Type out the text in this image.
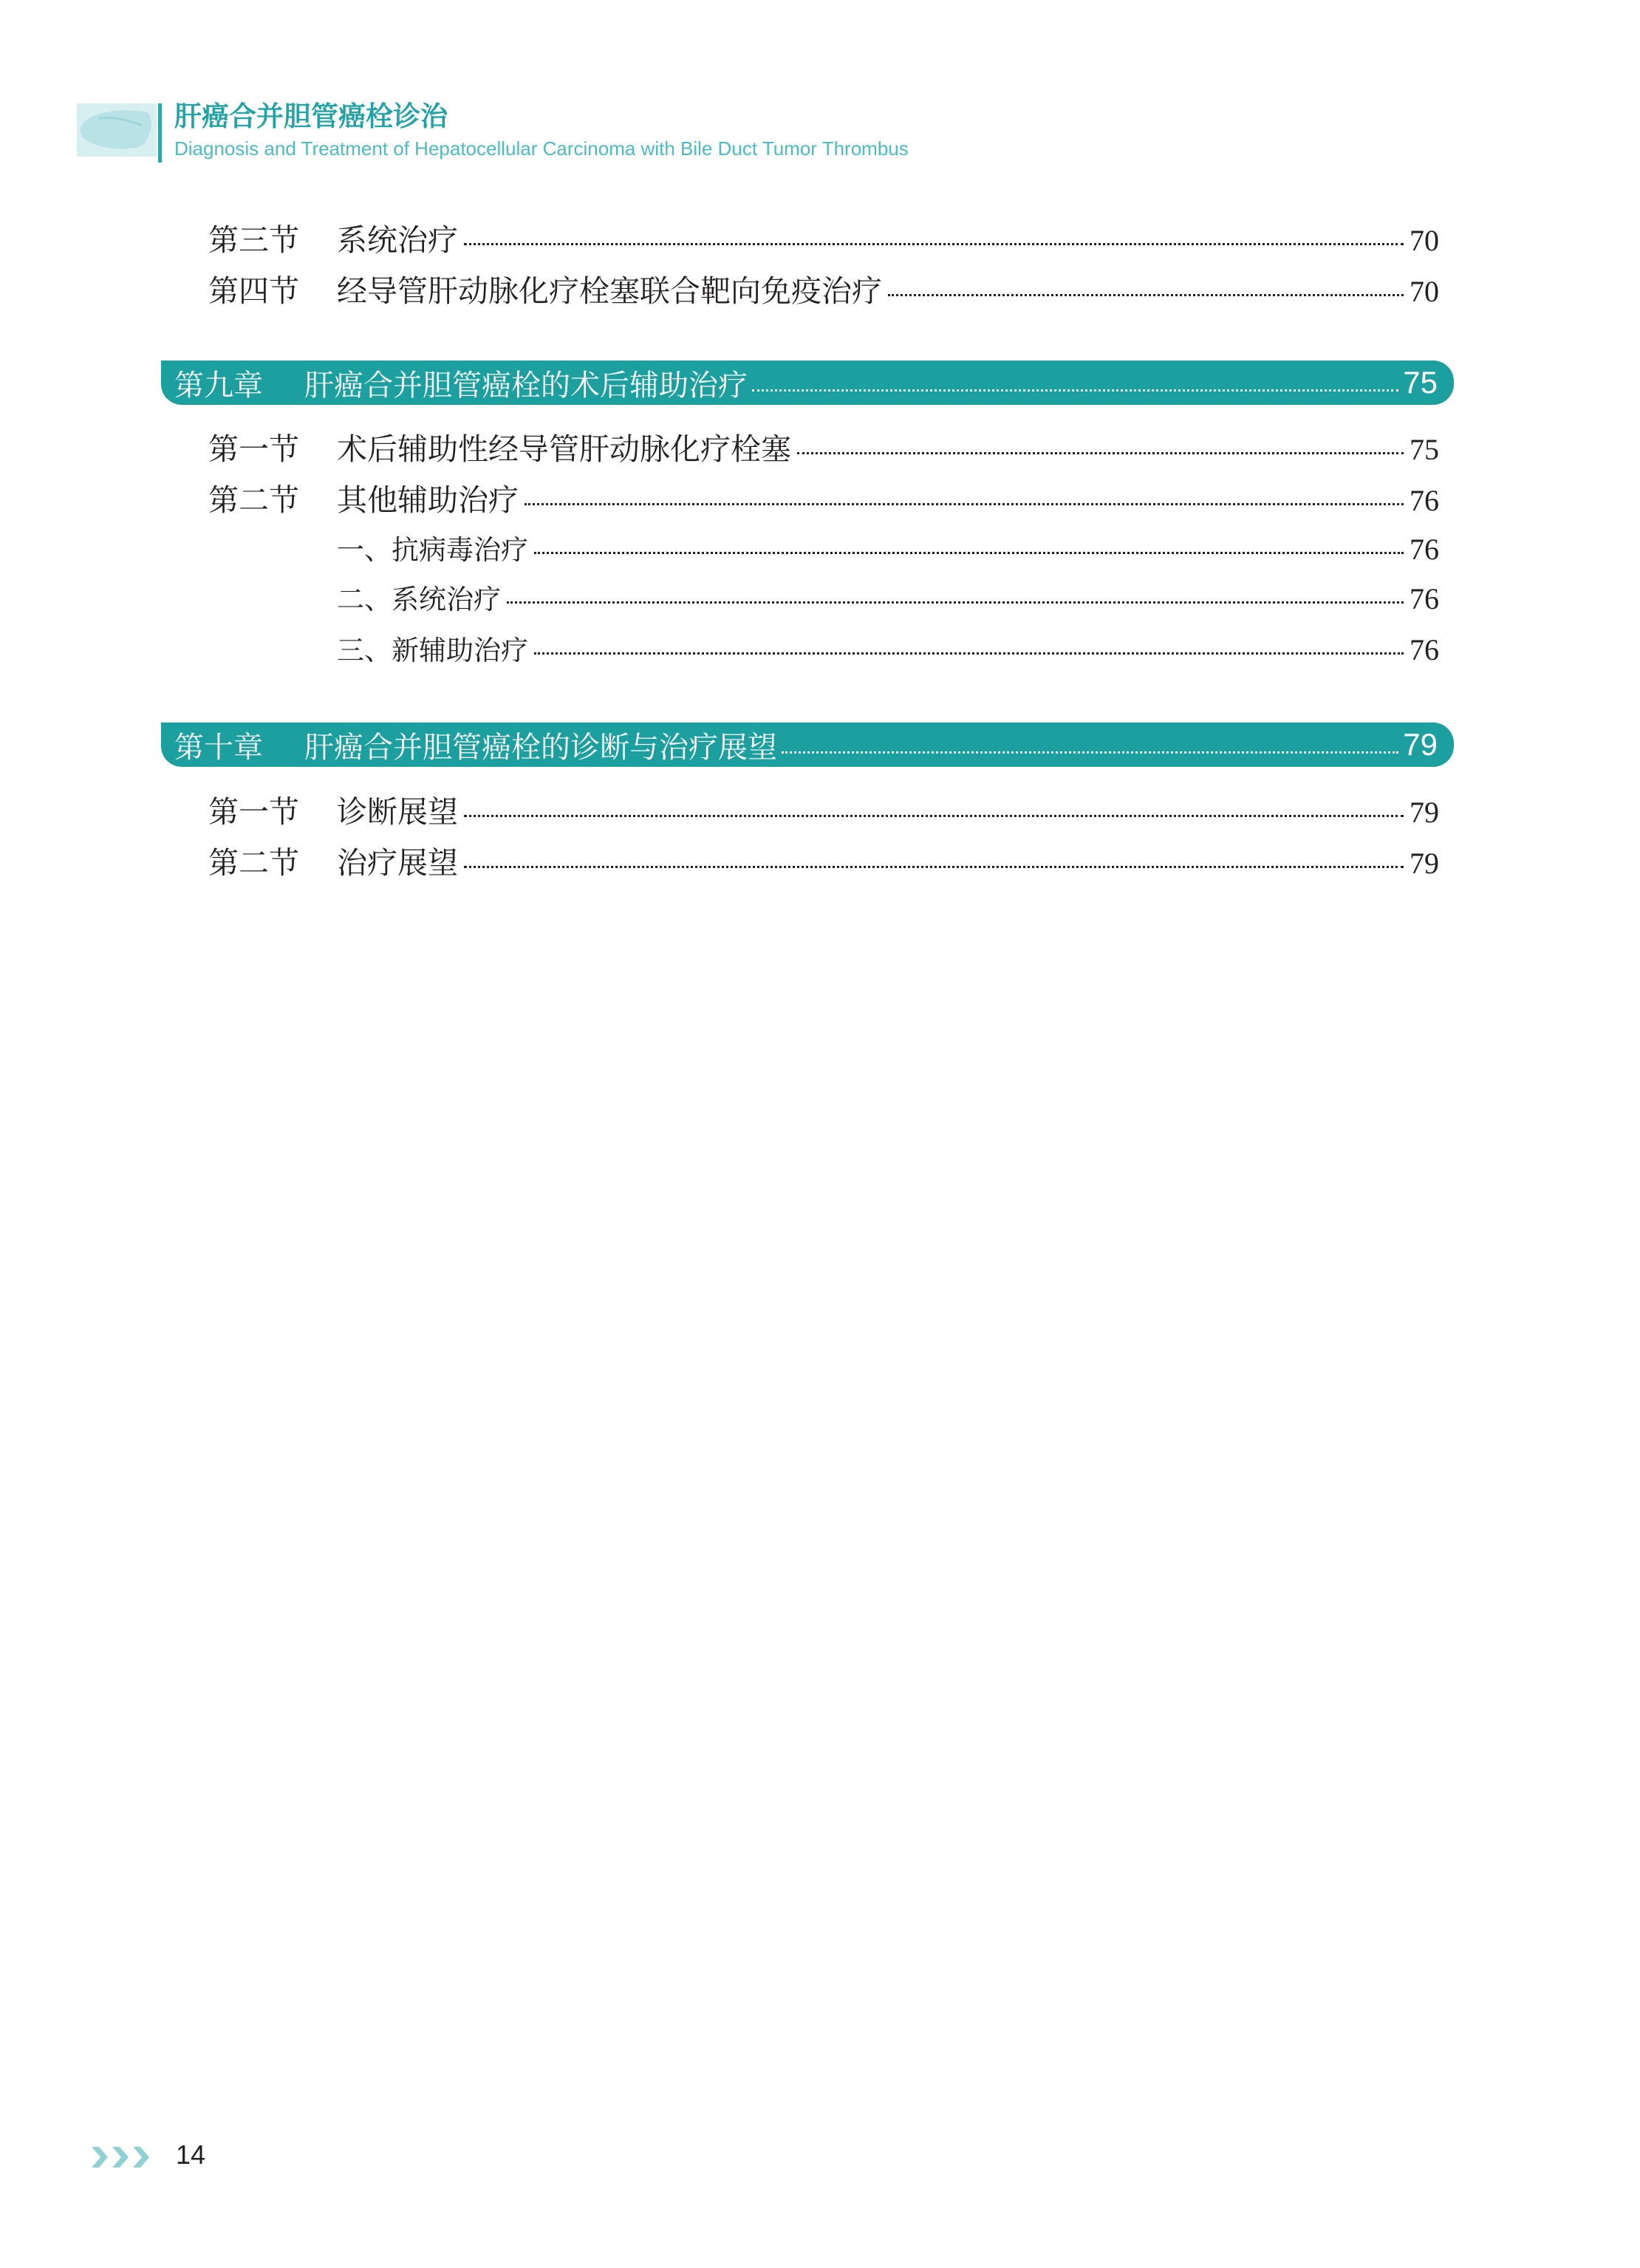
肝癌合并胆管癌栓诊治
Diagnosis and Treatment of Hepatocellular Carcinoma with Bile Duct Tumor Thrombus
第三节	系统治疗	70
第四节	经导管肝动脉化疗栓塞联合靶向免疫治疗	70
第九章	肝癌合并胆管癌栓的术后辅助治疗	75
第一节	术后辅助性经导管肝动脉化疗栓塞	75
第二节	其他辅助治疗	76
一、抗病毒治疗	76
二、系统治疗	76
三、新辅助治疗	76
第十章	肝癌合并胆管癌栓的诊断与治疗展望	79
第一节	诊断展望	79
第二节	治疗展望	79
14
